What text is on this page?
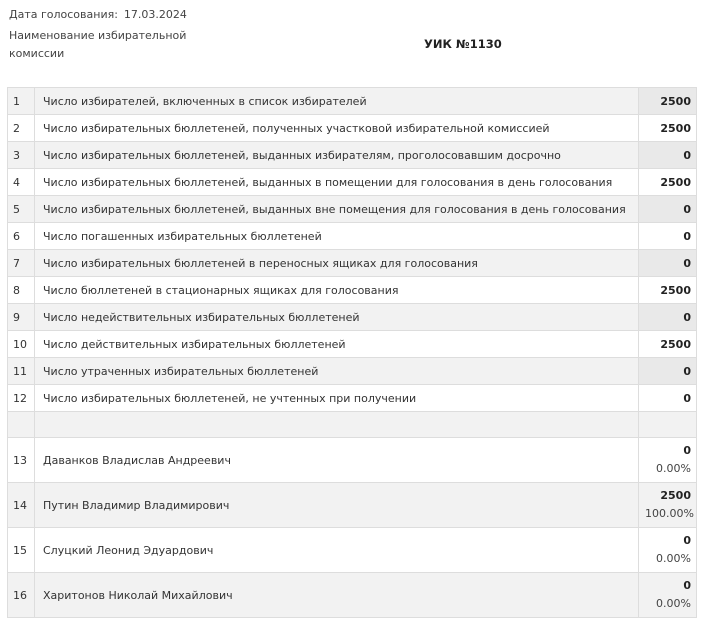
Дата голосования: 17.03.2024
Наименование избирательной комиссии
УИК №1130
1	Число избирателей, включенных в список избирателей	2500
2	Число избирательных бюллетеней, полученных участковой избирательной комиссией	2500
3	Число избирательных бюллетеней, выданных избирателям, проголосовавшим досрочно	0
4	Число избирательных бюллетеней, выданных в помещении для голосования в день голосования	2500
5	Число избирательных бюллетеней, выданных вне помещения для голосования в день голосования	0
6	Число погашенных избирательных бюллетеней	0
7	Число избирательных бюллетеней в переносных ящиках для голосования	0
8	Число бюллетеней в стационарных ящиках для голосования	2500
9	Число недействительных избирательных бюллетеней	0
10	Число действительных избирательных бюллетеней	2500
11	Число утраченных избирательных бюллетеней	0
12	Число избирательных бюллетеней, не учтенных при получении	0

13	Даванков Владислав Андреевич	0
0.00%

14	Путин Владимир Владимирович	2500
100.00%

15	Слуцкий Леонид Эдуардович	0
0.00%

16	Харитонов Николай Михайлович	0
0.00%
